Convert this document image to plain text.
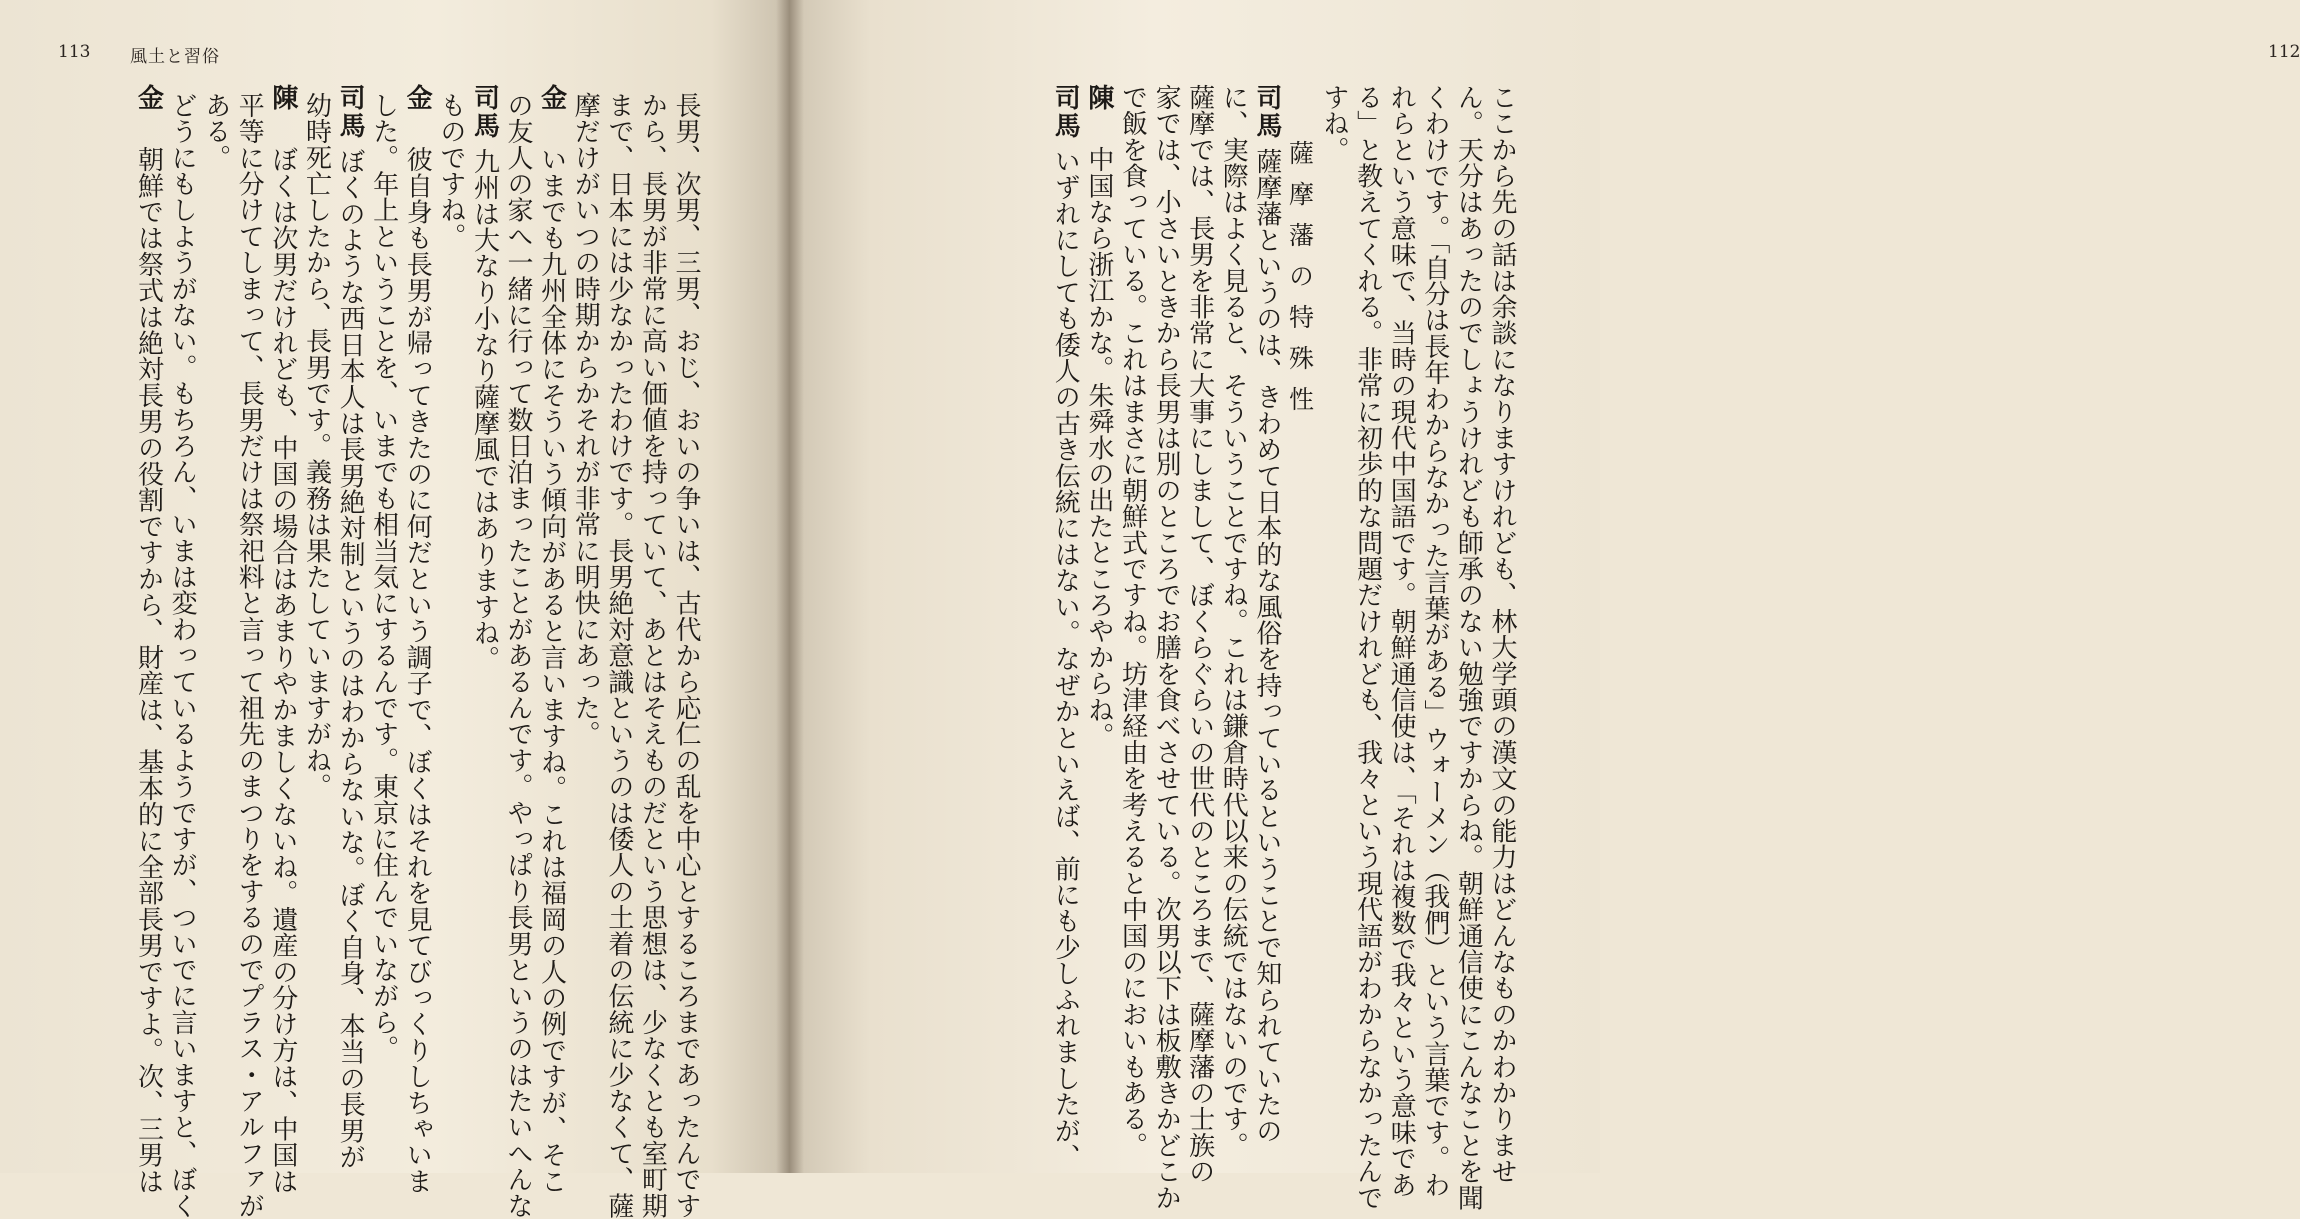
113 風土と習俗
長男、次男、三男、おじ、おいの争いは、古代から応仁の乱を中心とするころまであったんです
から、長男が非常に高い価値を持っていて、あとはそえものだという思想は、少なくとも室町期
まで、日本には少なかったわけです。長男絶対意識というのは倭人の土着の伝統に少なくて、薩
摩だけがいつの時期からかそれが非常に明快にあった。
金　いまでも九州全体にそういう傾向があると言いますね。これは福岡の人の例ですが、そこ
の友人の家へ一緒に行って数日泊まったことがあるんです。やっぱり長男というのはたいへんな
司馬九州は大なり小なり薩摩風ではありますね。
ものですね。
金　彼自身も長男が帰ってきたのに何だという調子で、ぼくはそれを見てびっくりしちゃいま
した。年上ということを、いまでも相当気にするんです。東京に住んでいながら。
司馬ぼくのような西日本人は長男絶対制というのはわからないな。ぼく自身、本当の長男が
幼時死亡したから、長男です。義務は果たしていますがね。
陳　ぼくは次男だけれども、中国の場合はあまりやかましくないね。遺産の分け方は、中国は
平等に分けてしまって、長男だけは祭祀料と言って祖先のまつりをするのでプラス・アルファが
ある。
どうにもしようがない。もちろん、いまは変わっているようですが、ついでに言いますと、ぼく
金　朝鮮では祭式は絶対長男の役割ですから、財産は、基本的に全部長男ですよ。次、三男は
112
ここから先の話は余談になりますけれども、林大学頭の漢文の能力はどんなものかわかりませ
ん。天分はあったのでしょうけれども師承のない勉強ですからね。朝鮮通信使にこんなことを聞
くわけです。「自分は長年わからなかった言葉がある」ウォーメン（我們）という言葉です。わ
れらという意味で、当時の現代中国語です。朝鮮通信使は、「それは複数で我々という意味であ
る」と教えてくれる。非常に初歩的な問題だけれども、我々という現代語がわからなかったんで
すね。
薩摩藩の特殊性
司馬薩摩藩というのは、きわめて日本的な風俗を持っているということで知られていたの
に、実際はよく見ると、そういうことですね。これは鎌倉時代以来の伝統ではないのです。
薩摩では、長男を非常に大事にしまして、ぼくらぐらいの世代のところまで、薩摩藩の士族の
家では、小さいときから長男は別のところでお膳を食べさせている。次男以下は板敷きかどこか
で飯を食っている。これはまさに朝鮮式ですね。坊津経由を考えると中国のにおいもある。
陳　中国なら浙江かな。朱舜水の出たところやからね。
司馬いずれにしても倭人の古き伝統にはない。なぜかといえば、前にも少しふれましたが、
